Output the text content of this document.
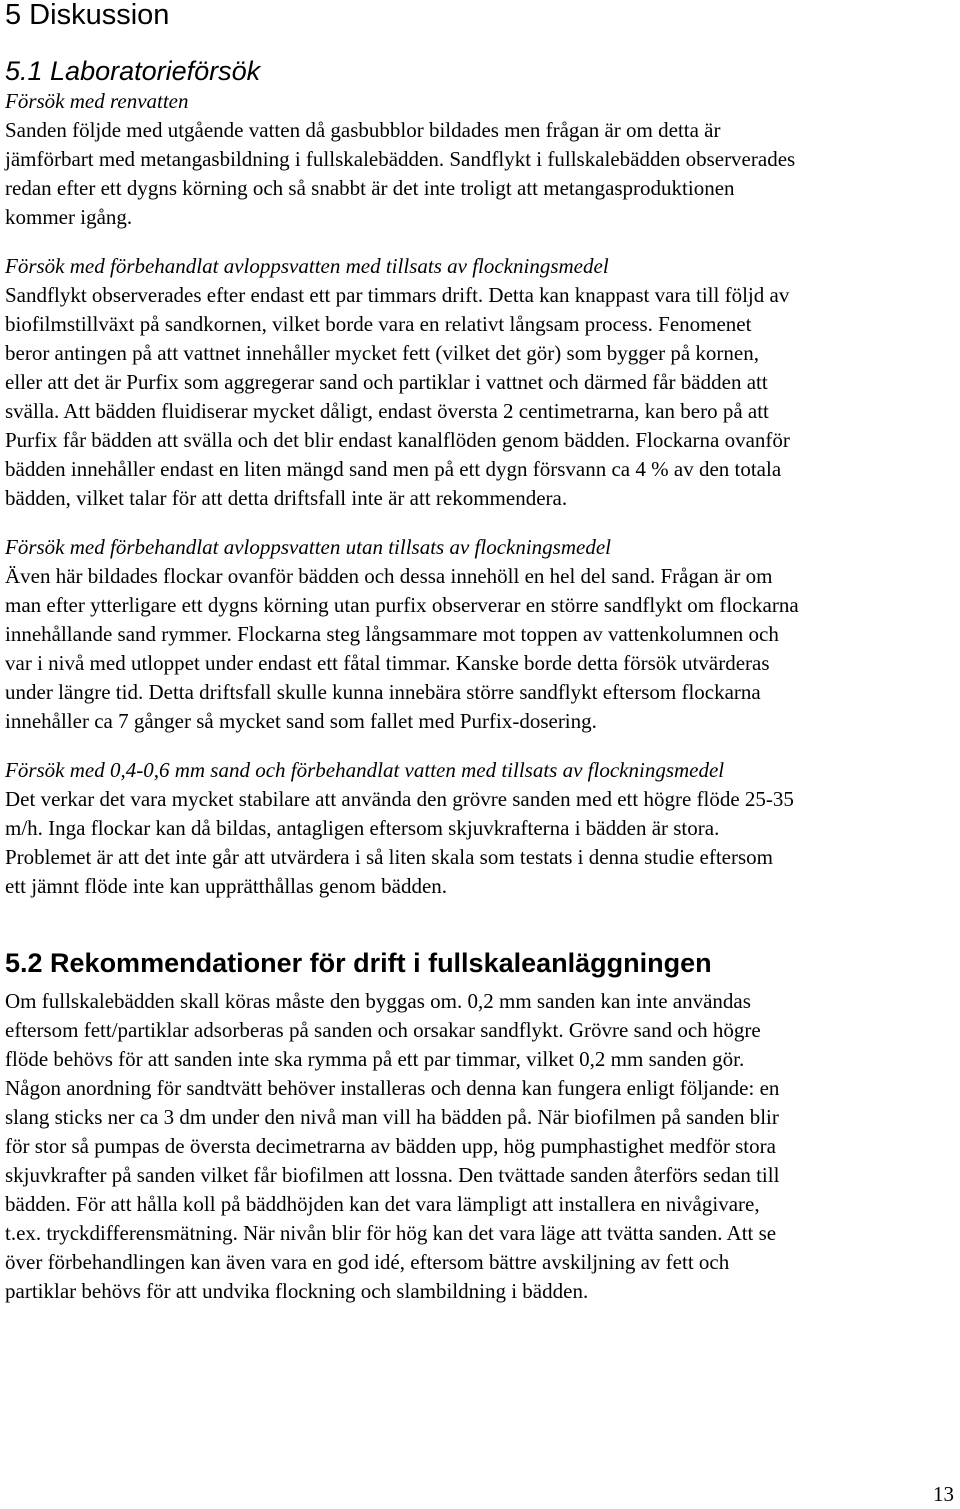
5 Diskussion
5.1 Laboratorieförsök

Försök med renvatten

Sanden följde med utgående vatten då gasbubblor bildades men frågan är om detta är
jämförbart med metangasbildning i fullskalebädden. Sandflykt i fullskalebädden observerades
redan efter ett dygns körning och så snabbt är det inte troligt att metangasproduktionen
kommer igång.

Försök med förbehandlat avloppsvatten med tillsats av flockningsmedel

Sandflykt observerades efter endast ett par timmars drift. Detta kan knappast vara till följd av
biofilmstillväxt på sandkornen, vilket borde vara en relativt långsam process. Fenomenet
beror antingen på att vattnet innehåller mycket fett (vilket det gör) som bygger på kornen,
eller att det är Purfix som aggregerar sand och partiklar i vattnet och därmed får bädden att
svälla. Att bädden fluidiserar mycket dåligt, endast översta 2 centimetrarna, kan bero på att
Purfix får bädden att svälla och det blir endast kanalflöden genom bädden. Flockarna ovanför
bädden innehåller endast en liten mängd sand men på ett dygn försvann ca 4 % av den totala
bädden, vilket talar för att detta driftsfall inte är att rekommendera.

Försök med förbehandlat avloppsvatten utan tillsats av flockningsmedel

Även här bildades flockar ovanför bädden och dessa innehöll en hel del sand. Frågan är om
man efter ytterligare ett dygns körning utan purfix observerar en större sandflykt om flockarna
innehållande sand rymmer. Flockarna steg långsammare mot toppen av vattenkolumnen och
var i nivå med utloppet under endast ett fåtal timmar. Kanske borde detta försök utvärderas
under längre tid. Detta driftsfall skulle kunna innebära större sandflykt eftersom flockarna
innehåller ca 7 gånger så mycket sand som fallet med Purfix-dosering.

Försök med 0,4-0,6 mm sand och förbehandlat vatten med tillsats av flockningsmedel

Det verkar det vara mycket stabilare att använda den grövre sanden med ett högre flöde 25-35
m/h. Inga flockar kan då bildas, antagligen eftersom skjuvkrafterna i bädden är stora.
Problemet är att det inte går att utvärdera i så liten skala som testats i denna studie eftersom
ett jämnt flöde inte kan upprätthållas genom bädden.
5.2 Rekommendationer för drift i fullskaleanläggningen
Om fullskalebädden skall köras måste den byggas om. 0,2 mm sanden kan inte användas
eftersom fett/partiklar adsorberas på sanden och orsakar sandflykt. Grövre sand och högre
flöde behövs för att sanden inte ska rymma på ett par timmar, vilket 0,2 mm sanden gör.
Någon anordning för sandtvätt behöver installeras och denna kan fungera enligt följande: en
slang sticks ner ca 3 dm under den nivå man vill ha bädden på. När biofilmen på sanden blir
för stor så pumpas de översta decimetrarna av bädden upp, hög pumphastighet medför stora
skjuvkrafter på sanden vilket får biofilmen att lossna. Den tvättade sanden återförs sedan till
bädden. För att hålla koll på bäddhöjden kan det vara lämpligt att installera en nivågivare,
t.ex. tryckdifferensmätning. När nivån blir för hög kan det vara läge att tvätta sanden. Att se
över förbehandlingen kan även vara en god idé, eftersom bättre avskiljning av fett och
partiklar behövs för att undvika flockning och slambildning i bädden.
13
